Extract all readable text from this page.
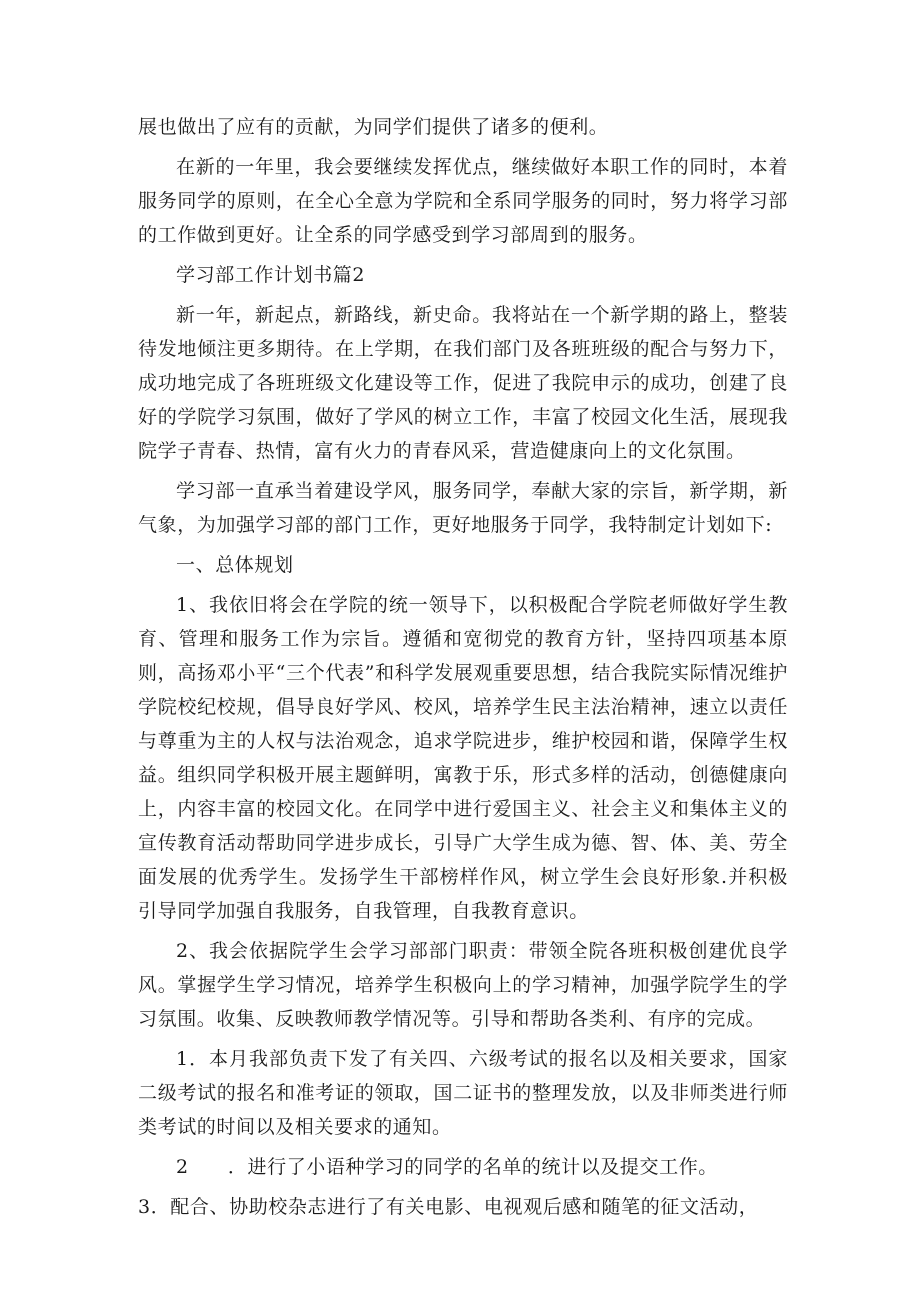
展也做出了应有的贡献，为同学们提供了诸多的便利。

在新的一年里，我会要继续发挥优点，继续做好本职工作的同时，本着服务同学的原则，在全心全意为学院和全系同学服务的同时，努力将学习部的工作做到更好。让全系的同学感受到学习部周到的服务。

学习部工作计划书篇2

新一年，新起点，新路线，新史命。我将站在一个新学期的路上，整装待发地倾注更多期待。在上学期，在我们部门及各班班级的配合与努力下，成功地完成了各班班级文化建设等工作，促进了我院申示的成功，创建了良好的学院学习氛围，做好了学风的树立工作，丰富了校园文化生活，展现我院学子青春、热情，富有火力的青春风采，营造健康向上的文化氛围。

学习部一直承当着建设学风，服务同学，奉献大家的宗旨，新学期，新气象，为加强学习部的部门工作，更好地服务于同学，我特制定计划如下:

一、总体规划

1、我依旧将会在学院的统一领导下，以积极配合学院老师做好学生教育、管理和服务工作为宗旨。遵循和宽彻党的教育方针，坚持四项基本原则，高扬邓小平“三个代表”和科学发展观重要思想，结合我院实际情况维护学院校纪校规，倡导良好学风、校风，培养学生民主法治精神，速立以责任与尊重为主的人权与法治观念，追求学院进步，维护校园和谐，保障学生权益。组织同学积极开展主题鲜明，寓教于乐，形式多样的活动，创德健康向上，内容丰富的校园文化。在同学中进行爱国主义、社会主义和集体主义的宣传教育活动帮助同学进步成长，引导广大学生成为德、智、体、美、劳全面发展的优秀学生。发扬学生干部榜样作风，树立学生会良好形象.并积极引导同学加强自我服务，自我管理，自我教育意识。

2、我会依据院学生会学习部部门职责：带领全院各班积极创建优良学风。掌握学生学习情况，培养学生积极向上的学习精神，加强学院学生的学习氛围。收集、反映教师教学情况等。引导和帮助各类利、有序的完成。

1．本月我部负责下发了有关四、六级考试的报名以及相关要求，国家二级考试的报名和准考证的领取，国二证书的整理发放，以及非师类进行师类考试的时间以及相关要求的通知。

2　　．进行了小语种学习的同学的名单的统计以及提交工作。

3．配合、协助校杂志进行了有关电影、电视观后感和随笔的征文活动，
